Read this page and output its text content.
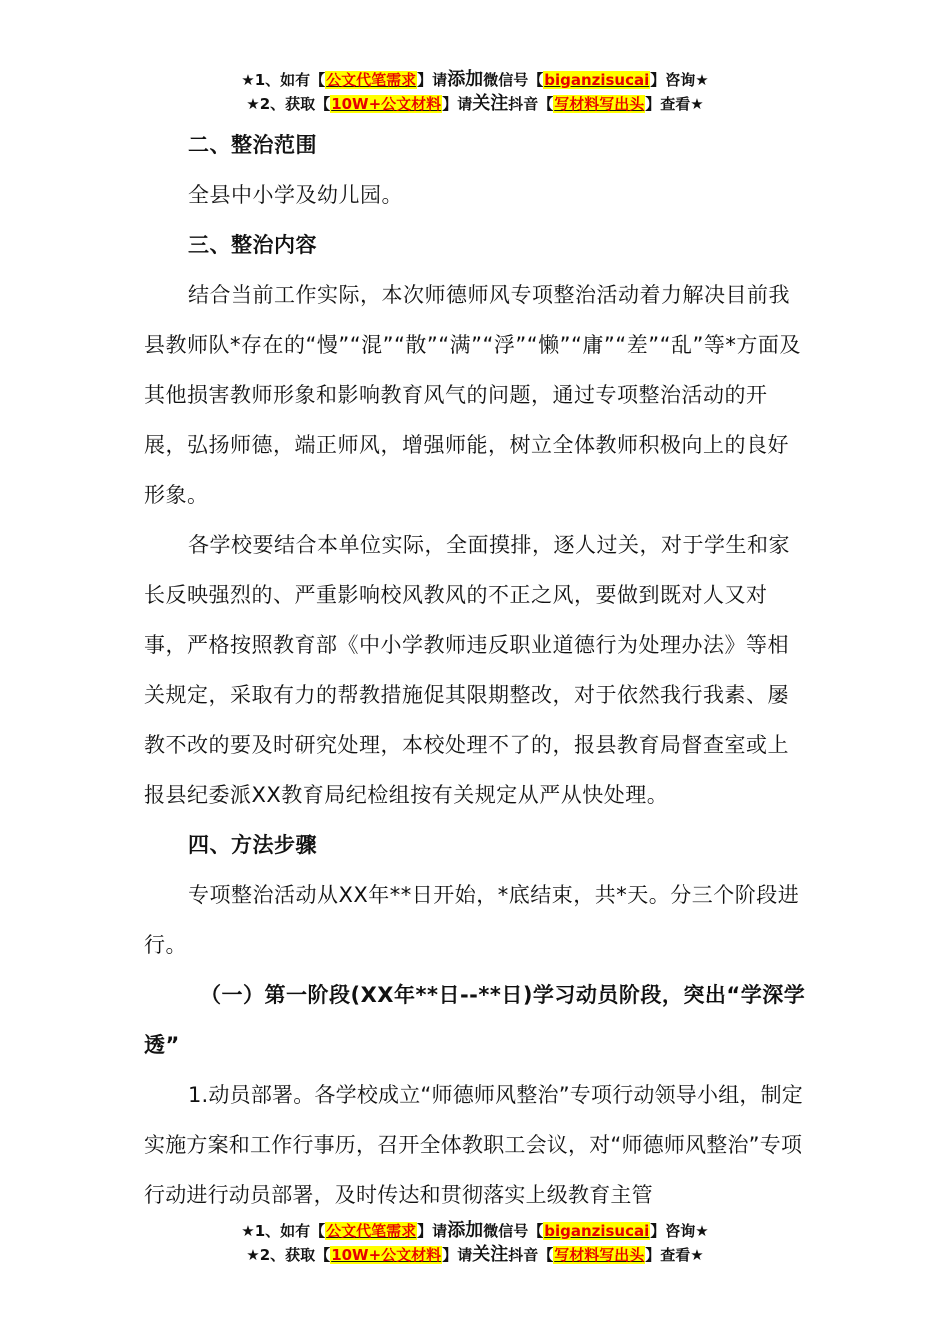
★1、如有【公文代笔需求】请添加微信号【biganzisucai】咨询★
★2、获取【10W+公文材料】请关注抖音【写材料写出头】查看★

二、整治范围

全县中小学及幼儿园。

三、整治内容

结合当前工作实际，本次师德师风专项整治活动着力解决目前我县教师队*存在的“慢”“混”“散”“满”“浮”“懒”“庸”“差”“乱”等*方面及其他损害教师形象和影响教育风气的问题，通过专项整治活动的开展，弘扬师德，端正师风，增强师能，树立全体教师积极向上的良好形象。

各学校要结合本单位实际，全面摸排，逐人过关，对于学生和家长反映强烈的、严重影响校风教风的不正之风，要做到既对人又对事，严格按照教育部《中小学教师违反职业道德行为处理办法》等相关规定，采取有力的帮教措施促其限期整改，对于依然我行我素、屡教不改的要及时研究处理，本校处理不了的，报县教育局督查室或上报县纪委派XX教育局纪检组按有关规定从严从快处理。

四、方法步骤

专项整治活动从XX年**日开始，*底结束，共*天。分三个阶段进行。

（一）第一阶段(XX年**日--**日)学习动员阶段，突出“学深学透”

1.动员部署。各学校成立“师德师风整治”专项行动领导小组，制定实施方案和工作行事历，召开全体教职工会议，对“师德师风整治”专项行动进行动员部署，及时传达和贯彻落实上级教育主管

★1、如有【公文代笔需求】请添加微信号【biganzisucai】咨询★
★2、获取【10W+公文材料】请关注抖音【写材料写出头】查看★
